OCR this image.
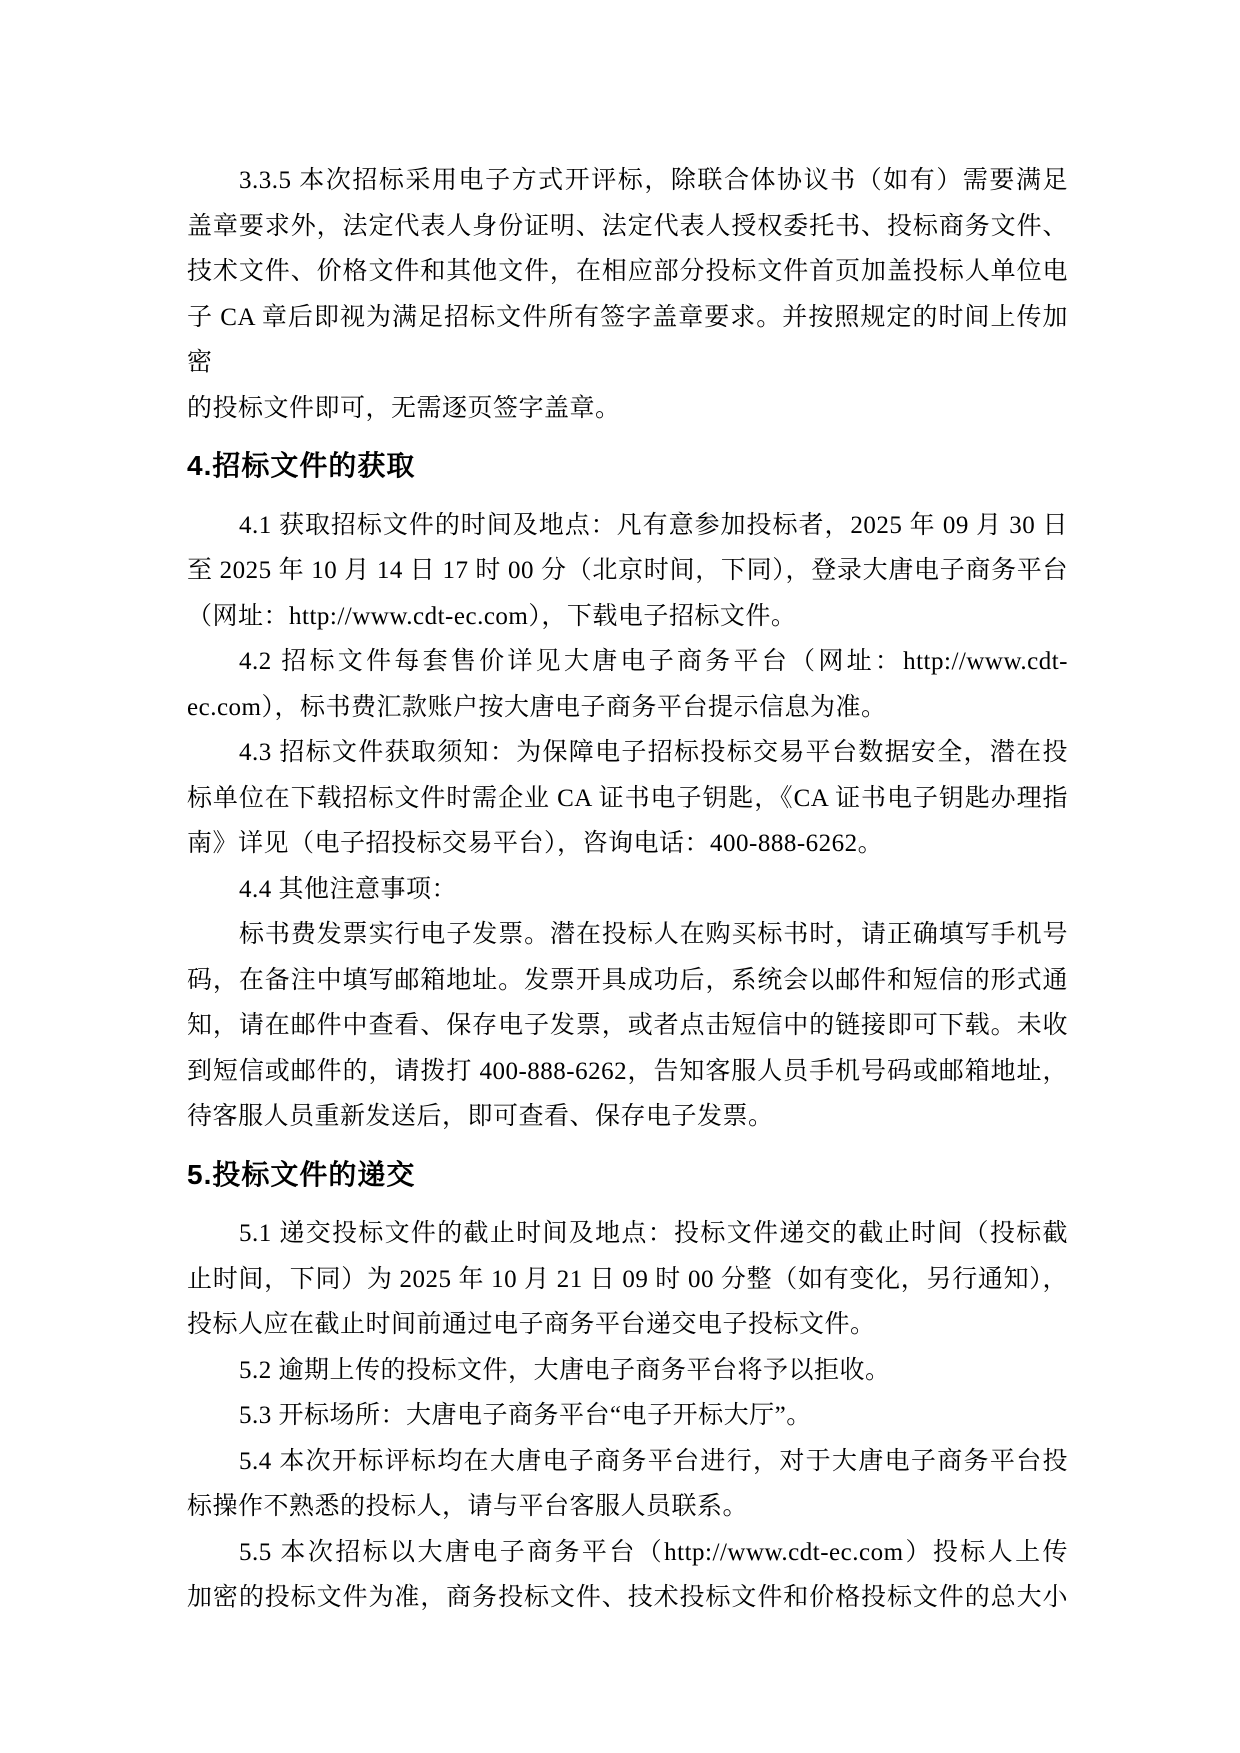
3.3.5 本次招标采用电子方式开评标，除联合体协议书（如有）需要满足
盖章要求外，法定代表人身份证明、法定代表人授权委托书、投标商务文件、
技术文件、价格文件和其他文件，在相应部分投标文件首页加盖投标人单位电
子 CA 章后即视为满足招标文件所有签字盖章要求。并按照规定的时间上传加密
的投标文件即可，无需逐页签字盖章。
4.招标文件的获取
4.1 获取招标文件的时间及地点：凡有意参加投标者，2025 年 09 月 30 日
至 2025 年 10 月 14 日 17 时 00 分（北京时间，下同），登录大唐电子商务平台
（网址：http://www.cdt-ec.com），下载电子招标文件。
4.2 招标文件每套售价详见大唐电子商务平台（网址：http://www.cdt-
ec.com），标书费汇款账户按大唐电子商务平台提示信息为准。
4.3 招标文件获取须知：为保障电子招标投标交易平台数据安全，潜在投
标单位在下载招标文件时需企业 CA 证书电子钥匙，《CA 证书电子钥匙办理指
南》详见（电子招投标交易平台），咨询电话：400-888-6262。
4.4 其他注意事项：
标书费发票实行电子发票。潜在投标人在购买标书时，请正确填写手机号
码，在备注中填写邮箱地址。发票开具成功后，系统会以邮件和短信的形式通
知，请在邮件中查看、保存电子发票，或者点击短信中的链接即可下载。未收
到短信或邮件的，请拨打 400-888-6262，告知客服人员手机号码或邮箱地址，
待客服人员重新发送后，即可查看、保存电子发票。
5.投标文件的递交
5.1 递交投标文件的截止时间及地点：投标文件递交的截止时间（投标截
止时间，下同）为 2025 年 10 月 21 日 09 时 00 分整（如有变化，另行通知），
投标人应在截止时间前通过电子商务平台递交电子投标文件。
5.2 逾期上传的投标文件，大唐电子商务平台将予以拒收。
5.3 开标场所：大唐电子商务平台“电子开标大厅”。
5.4 本次开标评标均在大唐电子商务平台进行，对于大唐电子商务平台投
标操作不熟悉的投标人，请与平台客服人员联系。
5.5 本次招标以大唐电子商务平台（http://www.cdt-ec.com）投标人上传
加密的投标文件为准，商务投标文件、技术投标文件和价格投标文件的总大小
